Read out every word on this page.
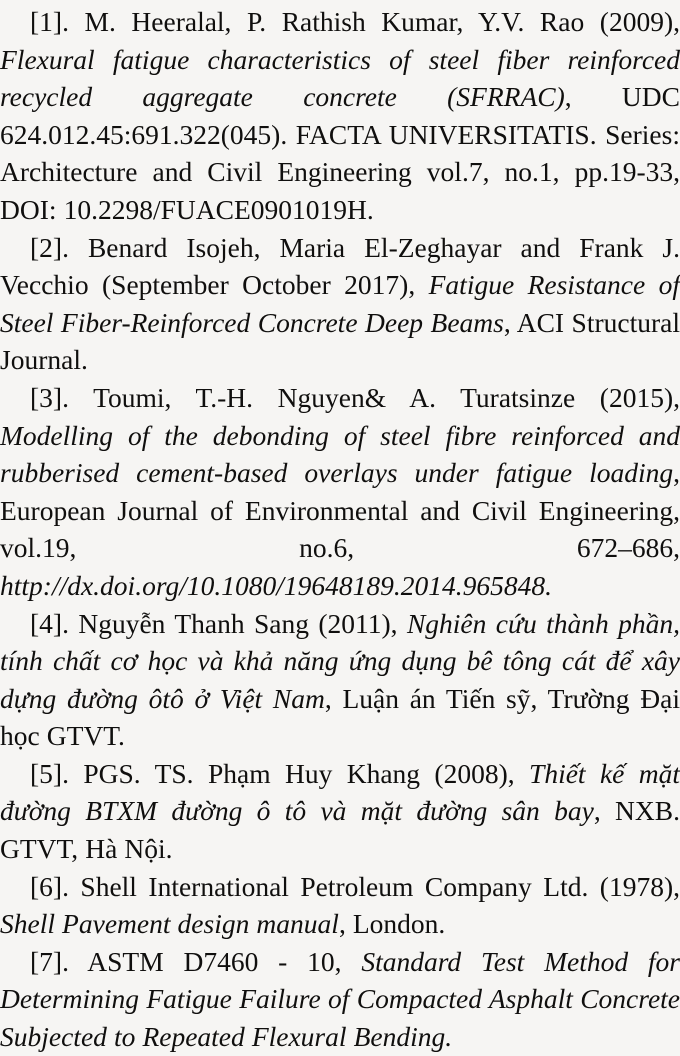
[1]. M. Heeralal, P. Rathish Kumar, Y.V. Rao (2009), Flexural fatigue characteristics of steel fiber reinforced recycled aggregate concrete (SFRRAC), UDC 624.012.45:691.322(045). FACTA UNIVERSITATIS. Series: Architecture and Civil Engineering vol.7, no.1, pp.19-33, DOI: 10.2298/FUACE0901019H.

[2]. Benard Isojeh, Maria El-Zeghayar and Frank J. Vecchio (September October 2017), Fatigue Resistance of Steel Fiber-Reinforced Concrete Deep Beams, ACI Structural Journal.

[3]. Toumi, T.-H. Nguyen& A. Turatsinze (2015), Modelling of the debonding of steel fibre reinforced and rubberised cement-based overlays under fatigue loading, European Journal of Environmental and Civil Engineering, vol.19, no.6, 672–686, http://dx.doi.org/10.1080/19648189.2014.965848.

[4]. Nguyễn Thanh Sang (2011), Nghiên cứu thành phần, tính chất cơ học và khả năng ứng dụng bê tông cát để xây dựng đường ôtô ở Việt Nam, Luận án Tiến sỹ, Trường Đại học GTVT.

[5]. PGS. TS. Phạm Huy Khang (2008), Thiết kế mặt đường BTXM đường ô tô và mặt đường sân bay, NXB. GTVT, Hà Nội.

[6]. Shell International Petroleum Company Ltd. (1978), Shell Pavement design manual, London.

[7]. ASTM D7460 - 10, Standard Test Method for Determining Fatigue Failure of Compacted Asphalt Concrete Subjected to Repeated Flexural Bending.
